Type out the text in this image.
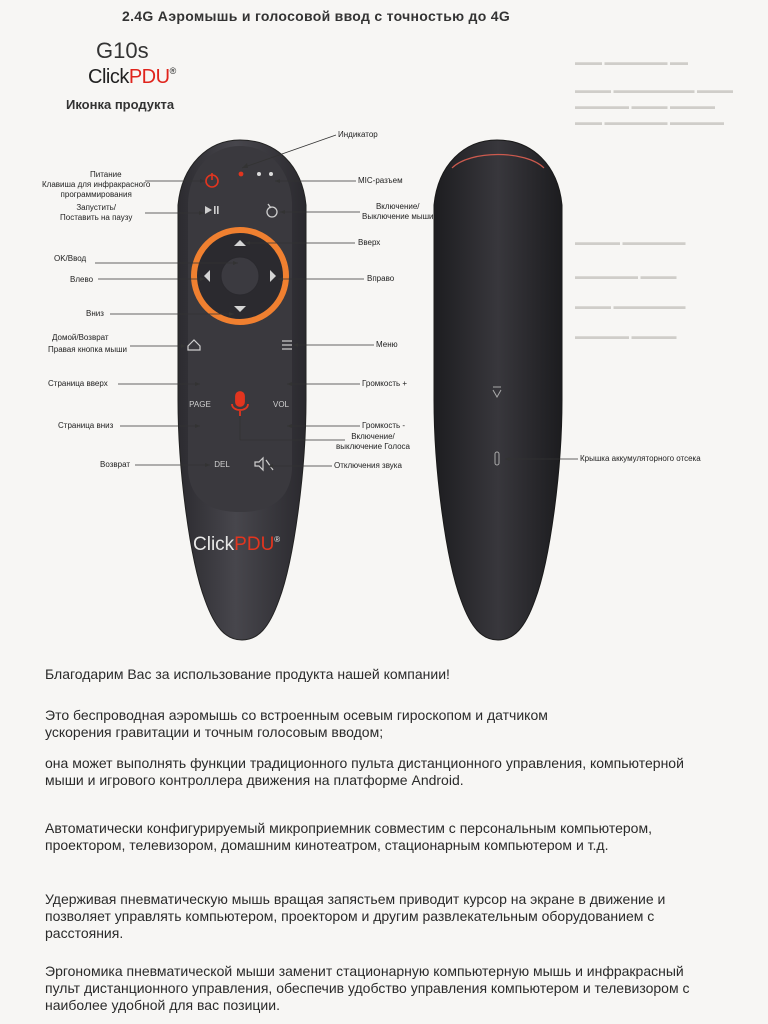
2.4G Аэромышь и голосовой ввод с точностью до 4G
G10s
ClickPDU®
Иконка продукта
▬▬▬ ▬▬▬▬▬▬▬ ▬▬
▬▬▬▬ ▬▬▬▬▬▬▬▬▬ ▬▬▬▬
▬▬▬▬▬▬ ▬▬▬▬ ▬▬▬▬▬
▬▬▬ ▬▬▬▬▬▬▬ ▬▬▬▬▬▬
▬▬▬▬▬ ▬▬▬▬▬▬▬
▬▬▬▬▬▬▬ ▬▬▬▬
▬▬▬▬ ▬▬▬▬▬▬▬▬
▬▬▬▬▬▬ ▬▬▬▬▬
PAGE	VOL
DEL
ClickPDU®
Питание
Клавиша для инфракрасного
программирования
Запустить/
Поставить на паузу
OK/Ввод
Влево
Вниз
Домой/Возврат
Правая кнопка мыши
Страница вверх
Страница вниз
Возврат
Индикатор
MIC-разъем
Включение/
Выключение мыши
Вверх
Вправо
Меню
Громкость +
Громкость -
Включение/
выключение Голоса
Отключения звука
Крышка аккумуляторного отсека
Благодарим Вас за использование продукта нашей компании!
Это беспроводная аэромышь со встроенным осевым гироскопом и датчиком ускорения гравитации и точным голосовым вводом;
она может выполнять функции традиционного пульта дистанционного управления, компьютерной мыши и игрового контроллера движения на платформе Android.
Автоматически конфигурируемый микроприемник совместим с персональным компьютером, проектором, телевизором, домашним кинотеатром, стационарным компьютером и т.д.
Удерживая пневматическую мышь вращая запястьем приводит курсор на экране в движение и позволяет управлять компьютером, проектором и другим развлекательным оборудованием с расстояния.
Эргономика пневматической мыши заменит стационарную компьютерную мышь и инфракрасный пульт дистанционного управления, обеспечив удобство управления компьютером и телевизором с наиболее удобной для вас позиции.
